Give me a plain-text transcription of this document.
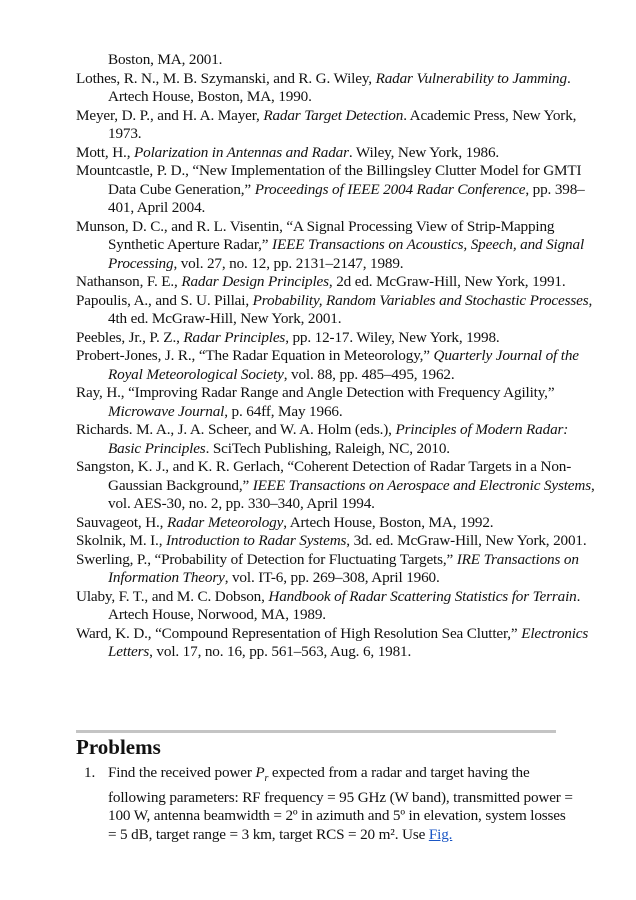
Boston, MA, 2001.
Lothes, R. N., M. B. Szymanski, and R. G. Wiley, Radar Vulnerability to Jamming. Artech House, Boston, MA, 1990.
Meyer, D. P., and H. A. Mayer, Radar Target Detection. Academic Press, New York, 1973.
Mott, H., Polarization in Antennas and Radar. Wiley, New York, 1986.
Mountcastle, P. D., “New Implementation of the Billingsley Clutter Model for GMTI Data Cube Generation,” Proceedings of IEEE 2004 Radar Conference, pp. 398–401, April 2004.
Munson, D. C., and R. L. Visentin, “A Signal Processing View of Strip-Mapping Synthetic Aperture Radar,” IEEE Transactions on Acoustics, Speech, and Signal Processing, vol. 27, no. 12, pp. 2131–2147, 1989.
Nathanson, F. E., Radar Design Principles, 2d ed. McGraw-Hill, New York, 1991.
Papoulis, A., and S. U. Pillai, Probability, Random Variables and Stochastic Processes, 4th ed. McGraw-Hill, New York, 2001.
Peebles, Jr., P. Z., Radar Principles, pp. 12-17. Wiley, New York, 1998.
Probert-Jones, J. R., “The Radar Equation in Meteorology,” Quarterly Journal of the Royal Meteorological Society, vol. 88, pp. 485–495, 1962.
Ray, H., “Improving Radar Range and Angle Detection with Frequency Agility,” Microwave Journal, p. 64ff, May 1966.
Richards. M. A., J. A. Scheer, and W. A. Holm (eds.), Principles of Modern Radar: Basic Principles. SciTech Publishing, Raleigh, NC, 2010.
Sangston, K. J., and K. R. Gerlach, “Coherent Detection of Radar Targets in a Non-Gaussian Background,” IEEE Transactions on Aerospace and Electronic Systems, vol. AES-30, no. 2, pp. 330–340, April 1994.
Sauvageot, H., Radar Meteorology, Artech House, Boston, MA, 1992.
Skolnik, M. I., Introduction to Radar Systems, 3d. ed. McGraw-Hill, New York, 2001.
Swerling, P., “Probability of Detection for Fluctuating Targets,” IRE Transactions on Information Theory, vol. IT-6, pp. 269–308, April 1960.
Ulaby, F. T., and M. C. Dobson, Handbook of Radar Scattering Statistics for Terrain. Artech House, Norwood, MA, 1989.
Ward, K. D., “Compound Representation of High Resolution Sea Clutter,” Electronics Letters, vol. 17, no. 16, pp. 561–563, Aug. 6, 1981.
Problems
1. Find the received power $P_r$ expected from a radar and target having the following parameters: RF frequency = 95 GHz (W band), transmitted power = 100 W, antenna beamwidth = 2º in azimuth and 5º in elevation, system losses = 5 dB, target range = 3 km, target RCS = 20 m². Use Fig.
